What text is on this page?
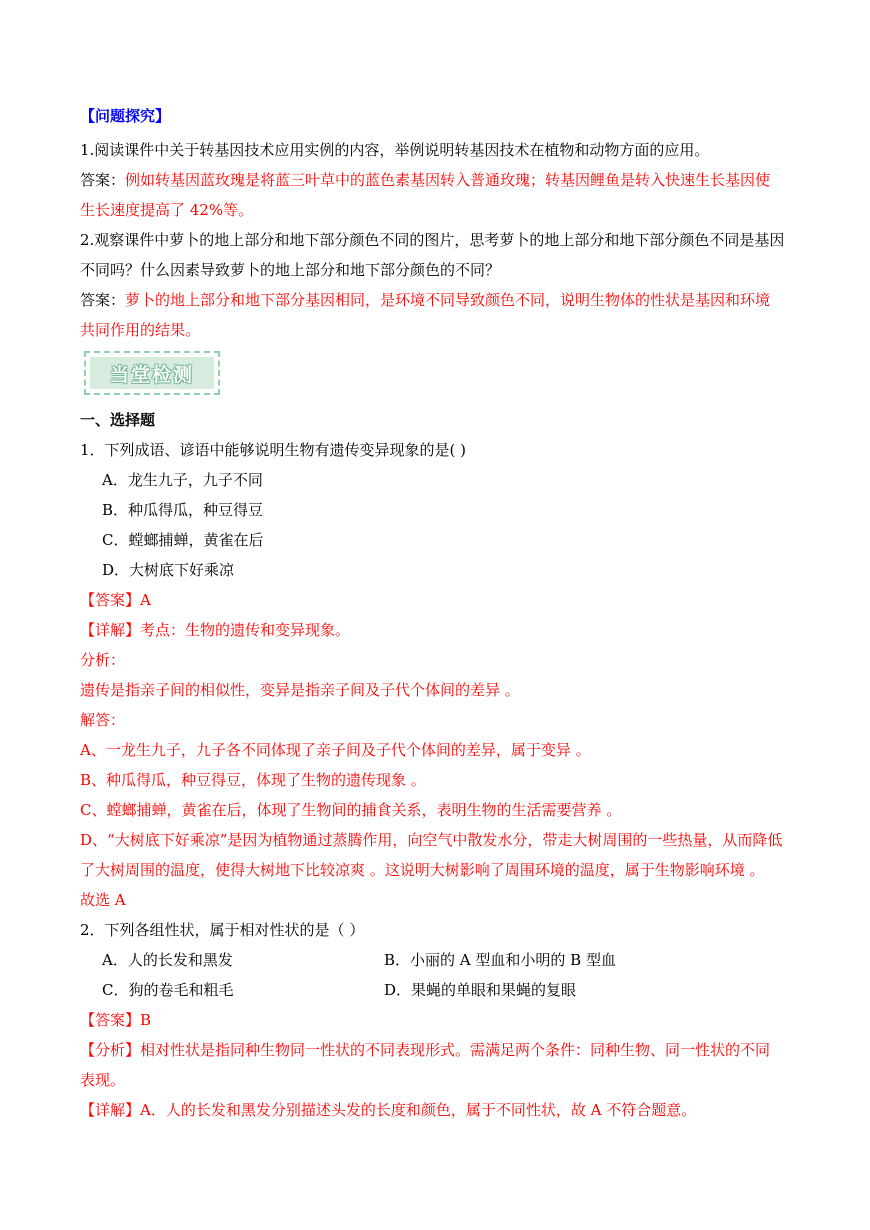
【问题探究】
1.阅读课件中关于转基因技术应用实例的内容，举例说明转基因技术在植物和动物方面的应用。
答案：例如转基因蓝玫瑰是将蓝三叶草中的蓝色素基因转入普通玫瑰；转基因鲤鱼是转入快速生长基因使
生长速度提高了 42%等。
2.观察课件中萝卜的地上部分和地下部分颜色不同的图片，思考萝卜的地上部分和地下部分颜色不同是基因
不同吗？什么因素导致萝卜的地上部分和地下部分颜色的不同？
答案：萝卜的地上部分和地下部分基因相同，是环境不同导致颜色不同，说明生物体的性状是基因和环境
共同作用的结果。
当堂检测
一、选择题
1．下列成语、谚语中能够说明生物有遗传变异现象的是( )
A．龙生九子，九子不同
B．种瓜得瓜，种豆得豆
C．螳螂捕蝉，黄雀在后
D．大树底下好乘凉
【答案】A
【详解】考点：生物的遗传和变异现象。
分析：
遗传是指亲子间的相似性，变异是指亲子间及子代个体间的差异 。
解答：
A、一龙生九子，九子各不同体现了亲子间及子代个体间的差异，属于变异 。
B、种瓜得瓜，种豆得豆，体现了生物的遗传现象 。
C、螳螂捕蝉，黄雀在后，体现了生物间的捕食关系，表明生物的生活需要营养 。
D、“大树底下好乘凉”是因为植物通过蒸腾作用，向空气中散发水分，带走大树周围的一些热量，从而降低
了大树周围的温度，使得大树地下比较凉爽 。这说明大树影响了周围环境的温度，属于生物影响环境 。
故选 A
2．下列各组性状，属于相对性状的是（ ）
A．人的长发和黑发	B．小丽的 A 型血和小明的 B 型血
C．狗的卷毛和粗毛	D．果蝇的单眼和果蝇的复眼
【答案】B
【分析】相对性状是指同种生物同一性状的不同表现形式。需满足两个条件：同种生物、同一性状的不同
表现。
【详解】A．人的长发和黑发分别描述头发的长度和颜色，属于不同性状，故 A 不符合题意。
